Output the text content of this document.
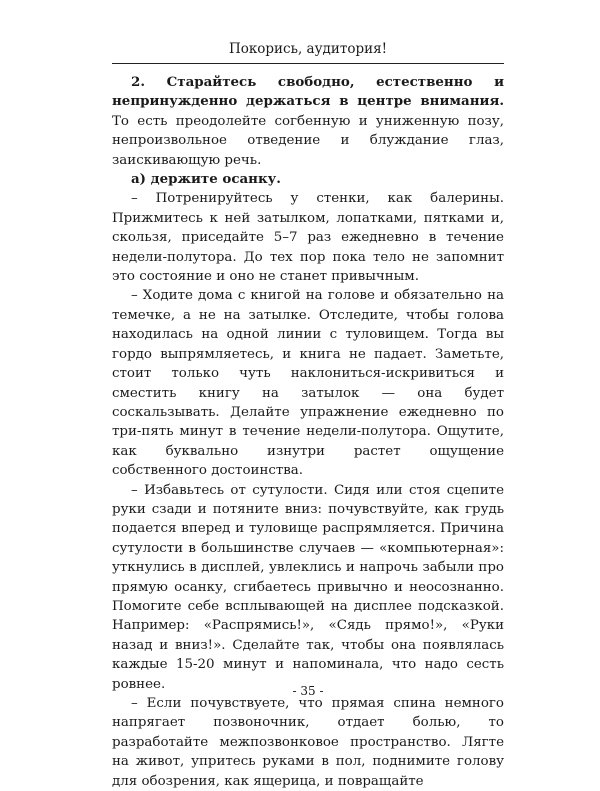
Покорись, аудитория!

2. Старайтесь свободно, естественно и непринужденно держаться в центре внимания. То есть преодолейте согбенную и униженную позу, непроизвольное отведение и блуждание глаз, заискивающую речь.

а) держите осанку.

– Потренируйтесь у стенки, как балерины. Прижмитесь к ней затылком, лопатками, пятками и, скользя, приседайте 5–7 раз ежедневно в течение недели-полутора. До тех пор пока тело не запомнит это состояние и оно не станет привычным.

– Ходите дома с книгой на голове и обязательно на темечке, а не на затылке. Отследите, чтобы голова находилась на одной линии с туловищем. Тогда вы гордо выпрямляетесь, и книга не падает. Заметьте, стоит только чуть наклониться-искривиться и сместить книгу на затылок — она будет соскальзывать. Делайте упражнение ежедневно по три-пять минут в течение недели-полутора. Ощутите, как буквально изнутри растет ощущение собственного достоинства.

– Избавьтесь от сутулости. Сидя или стоя сцепите руки сзади и потяните вниз: почувствуйте, как грудь подается вперед и туловище распрямляется. Причина сутулости в большинстве случаев — «компьютерная»: уткнулись в дисплей, увлеклись и напрочь забыли про прямую осанку, сгибаетесь привычно и неосознанно. Помогите себе всплывающей на дисплее подсказкой. Например: «Распрямись!», «Сядь прямо!», «Руки назад и вниз!». Сделайте так, чтобы она появлялась каждые 15-20 минут и напоминала, что надо сесть ровнее.

– Если почувствуете, что прямая спина немного напрягает позвоночник, отдает болью, то разработайте межпозвонковое пространство. Лягте на живот, упритесь руками в пол, поднимите голову для обозрения, как ящерица, и повращайте

- 35 -
